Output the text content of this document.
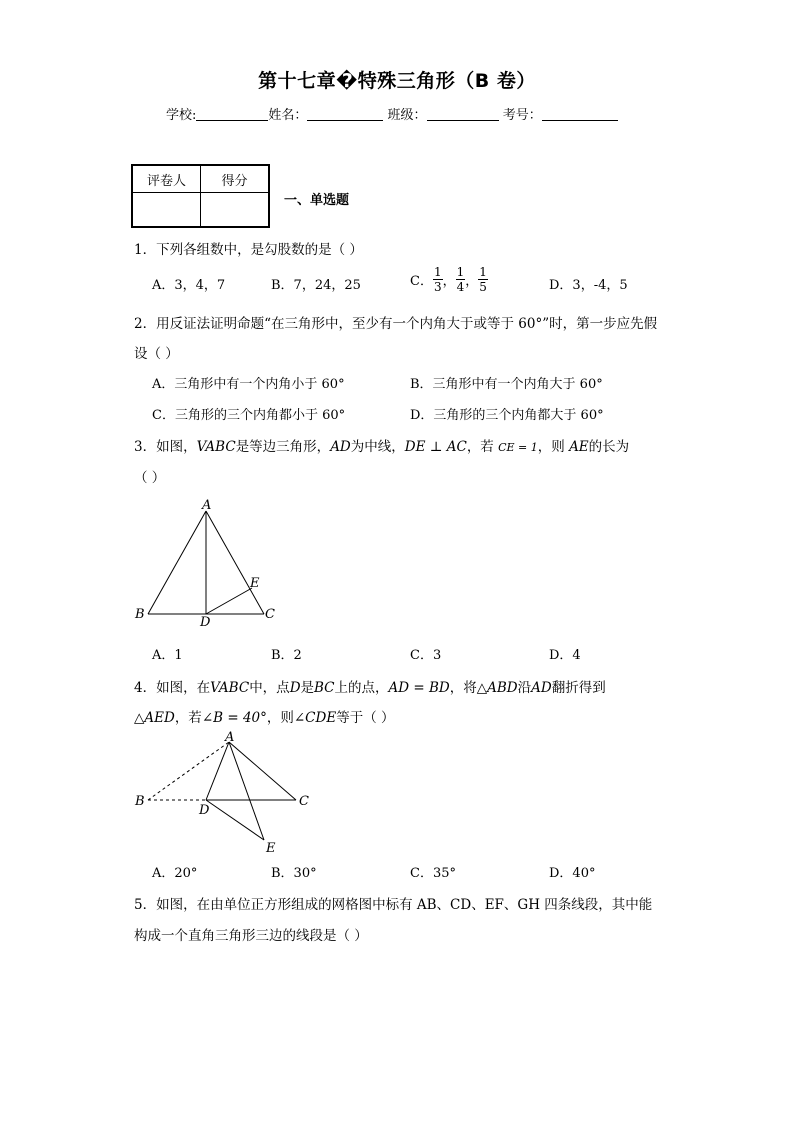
第十七章�特殊三角形（B 卷）
学校:	姓名：	班级：	考号：
评卷人	得分

一、单选题
1．下列各组数中，是勾股数的是（ ）
A．3，4，7	B．7，24，25	C． $\frac{1}{3}$ ， $\frac{1}{4}$ ， $\frac{1}{5}$	D．3，-4，5
2．用反证法证明命题“在三角形中，至少有一个内角大于或等于 60°”时，第一步应先假
设（ ）
A．三角形中有一个内角小于 60°	B．三角形中有一个内角大于 60°
C．三角形的三个内角都小于 60°	D．三角形的三个内角都大于 60°
3．如图，VABC是等边三角形，AD为中线，DE ⊥ AC，若 CE = 1，则 AE的长为
（ ）
A
B	C
D
E
A．1	B．2	C．3	D．4
4．如图，在VABC中，点D是BC上的点，AD = BD，将△ABD沿AD翻折得到
△AED，若∠B = 40°，则∠CDE等于（ ）
A
B	C
D
E
A．20°	B．30°	C．35°	D．40°
5．如图，在由单位正方形组成的网格图中标有 AB、CD、EF、GH 四条线段，其中能
构成一个直角三角形三边的线段是（ ）
